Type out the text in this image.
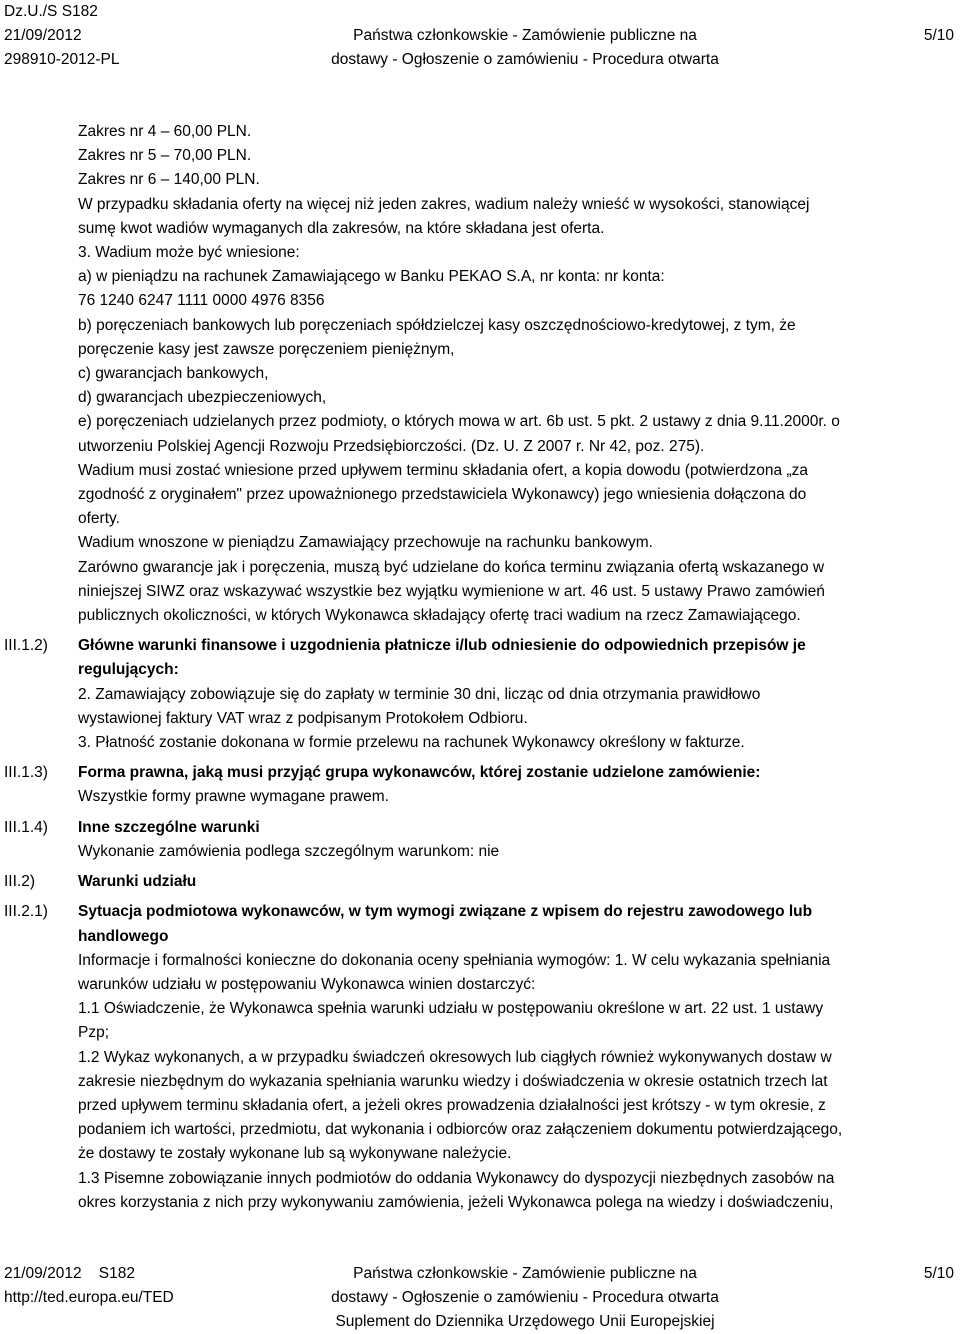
Dz.U./S S182
21/09/2012
298910-2012-PL
Państwa członkowskie - Zamówienie publiczne na
dostawy - Ogłoszenie o zamówieniu - Procedura otwarta

5/10
Zakres nr 4 – 60,00 PLN.
Zakres nr 5 – 70,00 PLN.
Zakres nr 6 – 140,00 PLN.
W przypadku składania oferty na więcej niż jeden zakres, wadium należy wnieść w wysokości, stanowiącej
sumę kwot wadiów wymaganych dla zakresów, na które składana jest oferta.
3. Wadium może być wniesione:
a) w pieniądzu na rachunek Zamawiającego w Banku PEKAO S.A, nr konta: nr konta:
76 1240 6247 1111 0000 4976 8356
b) poręczeniach bankowych lub poręczeniach spółdzielczej kasy oszczędnościowo-kredytowej, z tym, że
poręczenie kasy jest zawsze poręczeniem pieniężnym,
c) gwarancjach bankowych,
d) gwarancjach ubezpieczeniowych,
e) poręczeniach udzielanych przez podmioty, o których mowa w art. 6b ust. 5 pkt. 2 ustawy z dnia 9.11.2000r. o
utworzeniu Polskiej Agencji Rozwoju Przedsiębiorczości. (Dz. U. Z 2007 r. Nr 42, poz. 275).
Wadium musi zostać wniesione przed upływem terminu składania ofert, a kopia dowodu (potwierdzona „za
zgodność z oryginałem" przez upoważnionego przedstawiciela Wykonawcy) jego wniesienia dołączona do
oferty.
Wadium wnoszone w pieniądzu Zamawiający przechowuje na rachunku bankowym.
Zarówno gwarancje jak i poręczenia, muszą być udzielane do końca terminu związania ofertą wskazanego w
niniejszej SIWZ oraz wskazywać wszystkie bez wyjątku wymienione w art. 46 ust. 5 ustawy Prawo zamówień
publicznych okoliczności, w których Wykonawca składający ofertę traci wadium na rzecz Zamawiającego.
III.1.2)	Główne warunki finansowe i uzgodnienia płatnicze i/lub odniesienie do odpowiednich przepisów je
regulujących:
2. Zamawiający zobowiązuje się do zapłaty w terminie 30 dni, licząc od dnia otrzymania prawidłowo
wystawionej faktury VAT wraz z podpisanym Protokołem Odbioru.
3. Płatność zostanie dokonana w formie przelewu na rachunek Wykonawcy określony w fakturze.
III.1.3)	Forma prawna, jaką musi przyjąć grupa wykonawców, której zostanie udzielone zamówienie:
Wszystkie formy prawne wymagane prawem.
III.1.4)	Inne szczególne warunki
Wykonanie zamówienia podlega szczególnym warunkom: nie
III.2)	Warunki udziału
III.2.1)	Sytuacja podmiotowa wykonawców, w tym wymogi związane z wpisem do rejestru zawodowego lub
handlowego
Informacje i formalności konieczne do dokonania oceny spełniania wymogów: 1. W celu wykazania spełniania
warunków udziału w postępowaniu Wykonawca winien dostarczyć:
1.1 Oświadczenie, że Wykonawca spełnia warunki udziału w postępowaniu określone w art. 22 ust. 1 ustawy
Pzp;
1.2 Wykaz wykonanych, a w przypadku świadczeń okresowych lub ciągłych również wykonywanych dostaw w
zakresie niezbędnym do wykazania spełniania warunku wiedzy i doświadczenia w okresie ostatnich trzech lat
przed upływem terminu składania ofert, a jeżeli okres prowadzenia działalności jest krótszy - w tym okresie, z
podaniem ich wartości, przedmiotu, dat wykonania i odbiorców oraz załączeniem dokumentu potwierdzającego,
że dostawy te zostały wykonane lub są wykonywane należycie.
1.3 Pisemne zobowiązanie innych podmiotów do oddania Wykonawcy do dyspozycji niezbędnych zasobów na
okres korzystania z nich przy wykonywaniu zamówienia, jeżeli Wykonawca polega na wiedzy i doświadczeniu,
21/09/2012    S182
http://ted.europa.eu/TED
Państwa członkowskie - Zamówienie publiczne na
dostawy - Ogłoszenie o zamówieniu - Procedura otwarta
Suplement do Dziennika Urzędowego Unii Europejskiej
5/10
